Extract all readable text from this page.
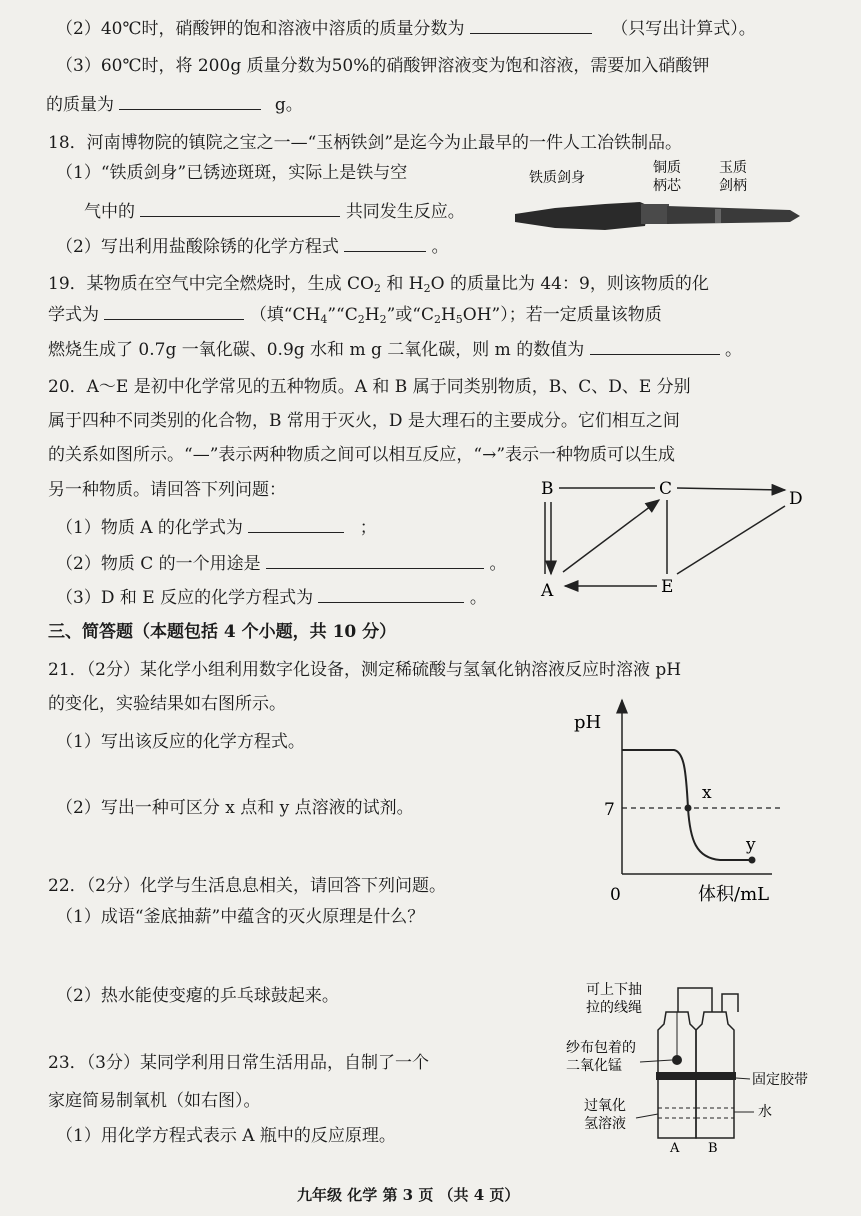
（2）40℃时，硝酸钾的饱和溶液中溶质的质量分数为	（只写出计算式）。
（3）60℃时，将 200g 质量分数为50%的硝酸钾溶液变为饱和溶液，需要加入硝酸钾
的质量为	g。
18．河南博物院的镇院之宝之一—“玉柄铁剑”是迄今为止最早的一件人工冶铁制品。
（1）“铁质剑身”已锈迹斑斑，实际上是铁与空
气中的	共同发生反应。
（2）写出利用盐酸除锈的化学方程式	。
铁质剑身
铜质
柄芯
玉质
剑柄
19．某物质在空气中完全燃烧时，生成 $CO_2$ 和 $H_2O$ 的质量比为 44：9，则该物质的化
学式为	（填“$CH_4”“C_2H_2$”或“$C_2H_5OH$”）；若一定质量该物质
燃烧生成了 0.7g 一氧化碳、0.9g 水和 m g 二氧化碳，则 m 的数值为	。
20．A～E 是初中化学常见的五种物质。A 和 B 属于同类别物质，B、C、D、E 分别
属于四种不同类别的化合物，B 常用于灭火，D 是大理石的主要成分。它们相互之间
的关系如图所示。“—”表示两种物质之间可以相互反应，“→”表示一种物质可以生成
另一种物质。请回答下列问题：
（1）物质 A 的化学式为	；
（2）物质 C 的一个用途是	。
（3）D 和 E 反应的化学方程式为	。
B	C	D
A	E
三、简答题（本题包括 4 个小题，共 10 分）
21．（2分）某化学小组利用数字化设备，测定稀硫酸与氢氧化钠溶液反应时溶液 pH
的变化，实验结果如右图所示。
（1）写出该反应的化学方程式。
（2）写出一种可区分 x 点和 y 点溶液的试剂。
pH
0	体积/mL
7
x
y
22．（2分）化学与生活息息相关，请回答下列问题。
（1）成语“釜底抽薪”中蕴含的灭火原理是什么？
（2）热水能使变瘪的乒乓球鼓起来。
23．（3分）某同学利用日常生活用品，自制了一个
家庭简易制氧机（如右图）。
（1）用化学方程式表示 A 瓶中的反应原理。
可上下抽
拉的线绳
纱布包着的
二氧化锰
固定胶带
过氧化
氢溶液
水
A B
九年级 化学 第 3 页 （共 4 页）
